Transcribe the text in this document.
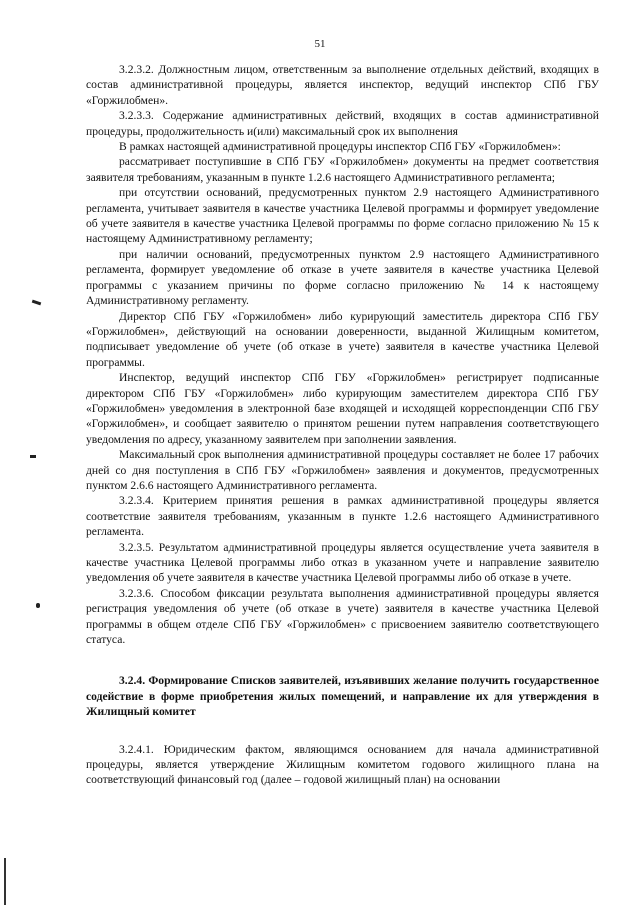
51

3.2.3.2. Должностным лицом, ответственным за выполнение отдельных действий, входящих в состав административной процедуры, является инспектор, ведущий инспектор СПб ГБУ «Горжилобмен».

3.2.3.3. Содержание административных действий, входящих в состав административной процедуры, продолжительность и(или) максимальный срок их выполнения

В рамках настоящей административной процедуры инспектор СПб ГБУ «Горжилобмен»:

рассматривает поступившие в СПб ГБУ «Горжилобмен» документы на предмет соответствия заявителя требованиям, указанным в пункте 1.2.6 настоящего Административного регламента;

при отсутствии оснований, предусмотренных пунктом 2.9 настоящего Административного регламента, учитывает заявителя в качестве участника Целевой программы и формирует уведомление об учете заявителя в качестве участника Целевой программы по форме согласно приложению № 15 к настоящему Административному регламенту;

при наличии оснований, предусмотренных пунктом 2.9 настоящего Административного регламента, формирует уведомление об отказе в учете заявителя в качестве участника Целевой программы с указанием причины по форме согласно приложению № 14 к настоящему Административному регламенту.

Директор СПб ГБУ «Горжилобмен» либо курирующий заместитель директора СПб ГБУ «Горжилобмен», действующий на основании доверенности, выданной Жилищным комитетом, подписывает уведомление об учете (об отказе в учете) заявителя в качестве участника Целевой программы.

Инспектор, ведущий инспектор СПб ГБУ «Горжилобмен» регистрирует подписанные директором СПб ГБУ «Горжилобмен» либо курирующим заместителем директора СПб ГБУ «Горжилобмен» уведомления в электронной базе входящей и исходящей корреспонденции СПб ГБУ «Горжилобмен», и сообщает заявителю о принятом решении путем направления соответствующего уведомления по адресу, указанному заявителем при заполнении заявления.

Максимальный срок выполнения административной процедуры составляет не более 17 рабочих дней со дня поступления в СПб ГБУ «Горжилобмен» заявления и документов, предусмотренных пунктом 2.6.6 настоящего Административного регламента.

3.2.3.4. Критерием принятия решения в рамках административной процедуры является соответствие заявителя требованиям, указанным в пункте 1.2.6 настоящего Административного регламента.

3.2.3.5. Результатом административной процедуры является осуществление учета заявителя в качестве участника Целевой программы либо отказ в указанном учете и направление заявителю уведомления об учете заявителя в качестве участника Целевой программы либо об отказе в учете.

3.2.3.6. Способом фиксации результата выполнения административной процедуры является регистрация уведомления об учете (об отказе в учете) заявителя в качестве участника Целевой программы в общем отделе СПб ГБУ «Горжилобмен» с присвоением заявителю соответствующего статуса.

3.2.4. Формирование Списков заявителей, изъявивших желание получить государственное содействие в форме приобретения жилых помещений, и направление их для утверждения в Жилищный комитет

3.2.4.1. Юридическим фактом, являющимся основанием для начала административной процедуры, является утверждение Жилищным комитетом годового жилищного плана на соответствующий финансовый год (далее – годовой жилищный план) на основании
